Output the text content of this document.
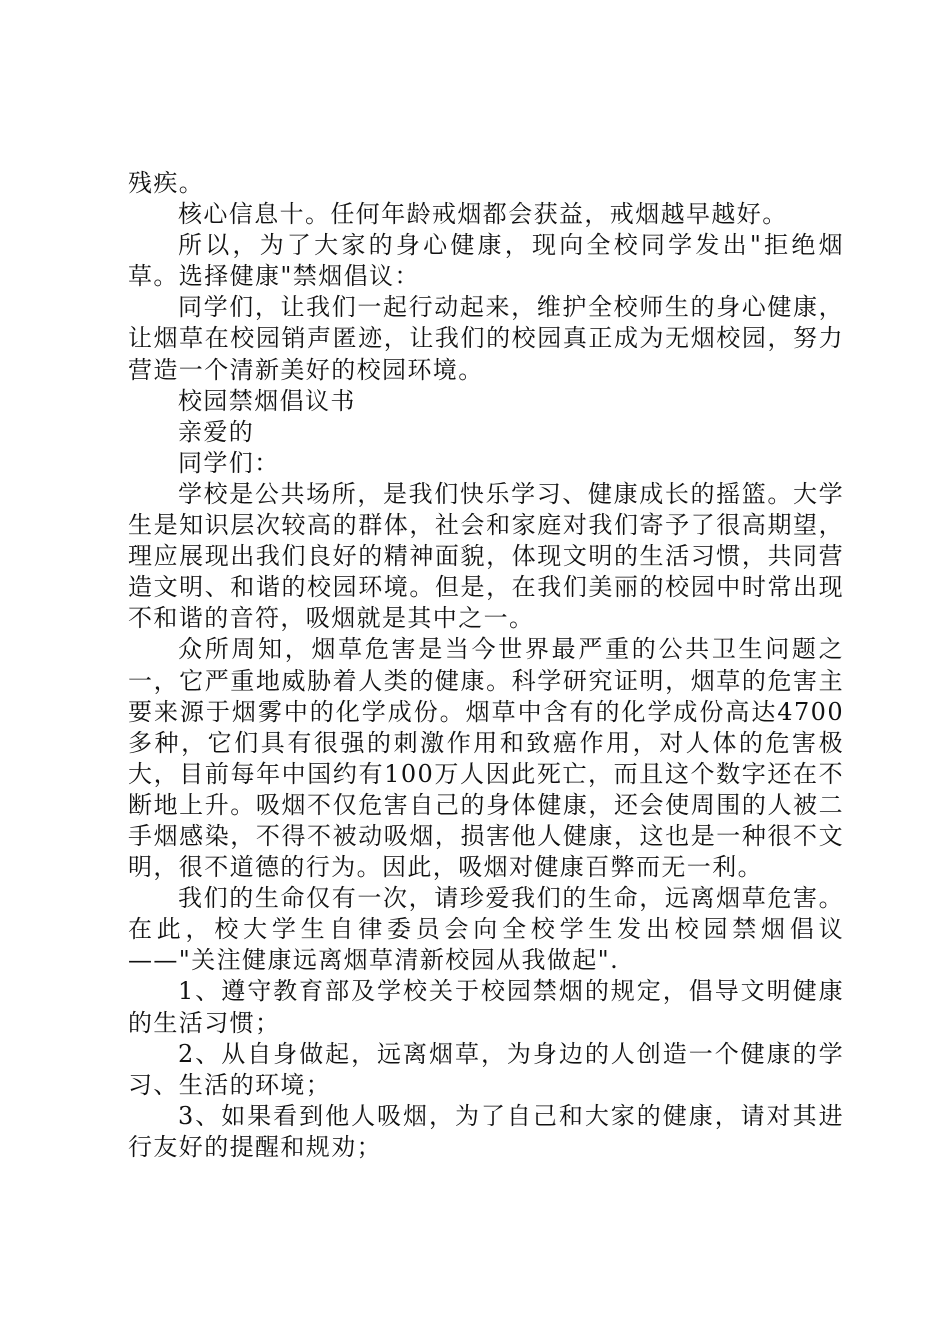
残疾。

核心信息十。任何年龄戒烟都会获益，戒烟越早越好。

所以，为了大家的身心健康，现向全校同学发出"拒绝烟草。选择健康"禁烟倡议：

同学们，让我们一起行动起来，维护全校师生的身心健康，让烟草在校园销声匿迹，让我们的校园真正成为无烟校园，努力营造一个清新美好的校园环境。

校园禁烟倡议书

亲爱的

同学们：

学校是公共场所，是我们快乐学习、健康成长的摇篮。大学生是知识层次较高的群体，社会和家庭对我们寄予了很高期望，理应展现出我们良好的精神面貌，体现文明的生活习惯，共同营造文明、和谐的校园环境。但是，在我们美丽的校园中时常出现不和谐的音符，吸烟就是其中之一。

众所周知，烟草危害是当今世界最严重的公共卫生问题之一，它严重地威胁着人类的健康。科学研究证明，烟草的危害主要来源于烟雾中的化学成份。烟草中含有的化学成份高达4700多种，它们具有很强的刺激作用和致癌作用，对人体的危害极大，目前每年中国约有100万人因此死亡，而且这个数字还在不断地上升。吸烟不仅危害自己的身体健康，还会使周围的人被二手烟感染，不得不被动吸烟，损害他人健康，这也是一种很不文明，很不道德的行为。因此，吸烟对健康百弊而无一利。

我们的生命仅有一次，请珍爱我们的生命，远离烟草危害。在此，校大学生自律委员会向全校学生发出校园禁烟倡议——"关注健康远离烟草清新校园从我做起".

1、遵守教育部及学校关于校园禁烟的规定，倡导文明健康的生活习惯；

2、从自身做起，远离烟草，为身边的人创造一个健康的学习、生活的环境；

3、如果看到他人吸烟，为了自己和大家的健康，请对其进行友好的提醒和规劝；
